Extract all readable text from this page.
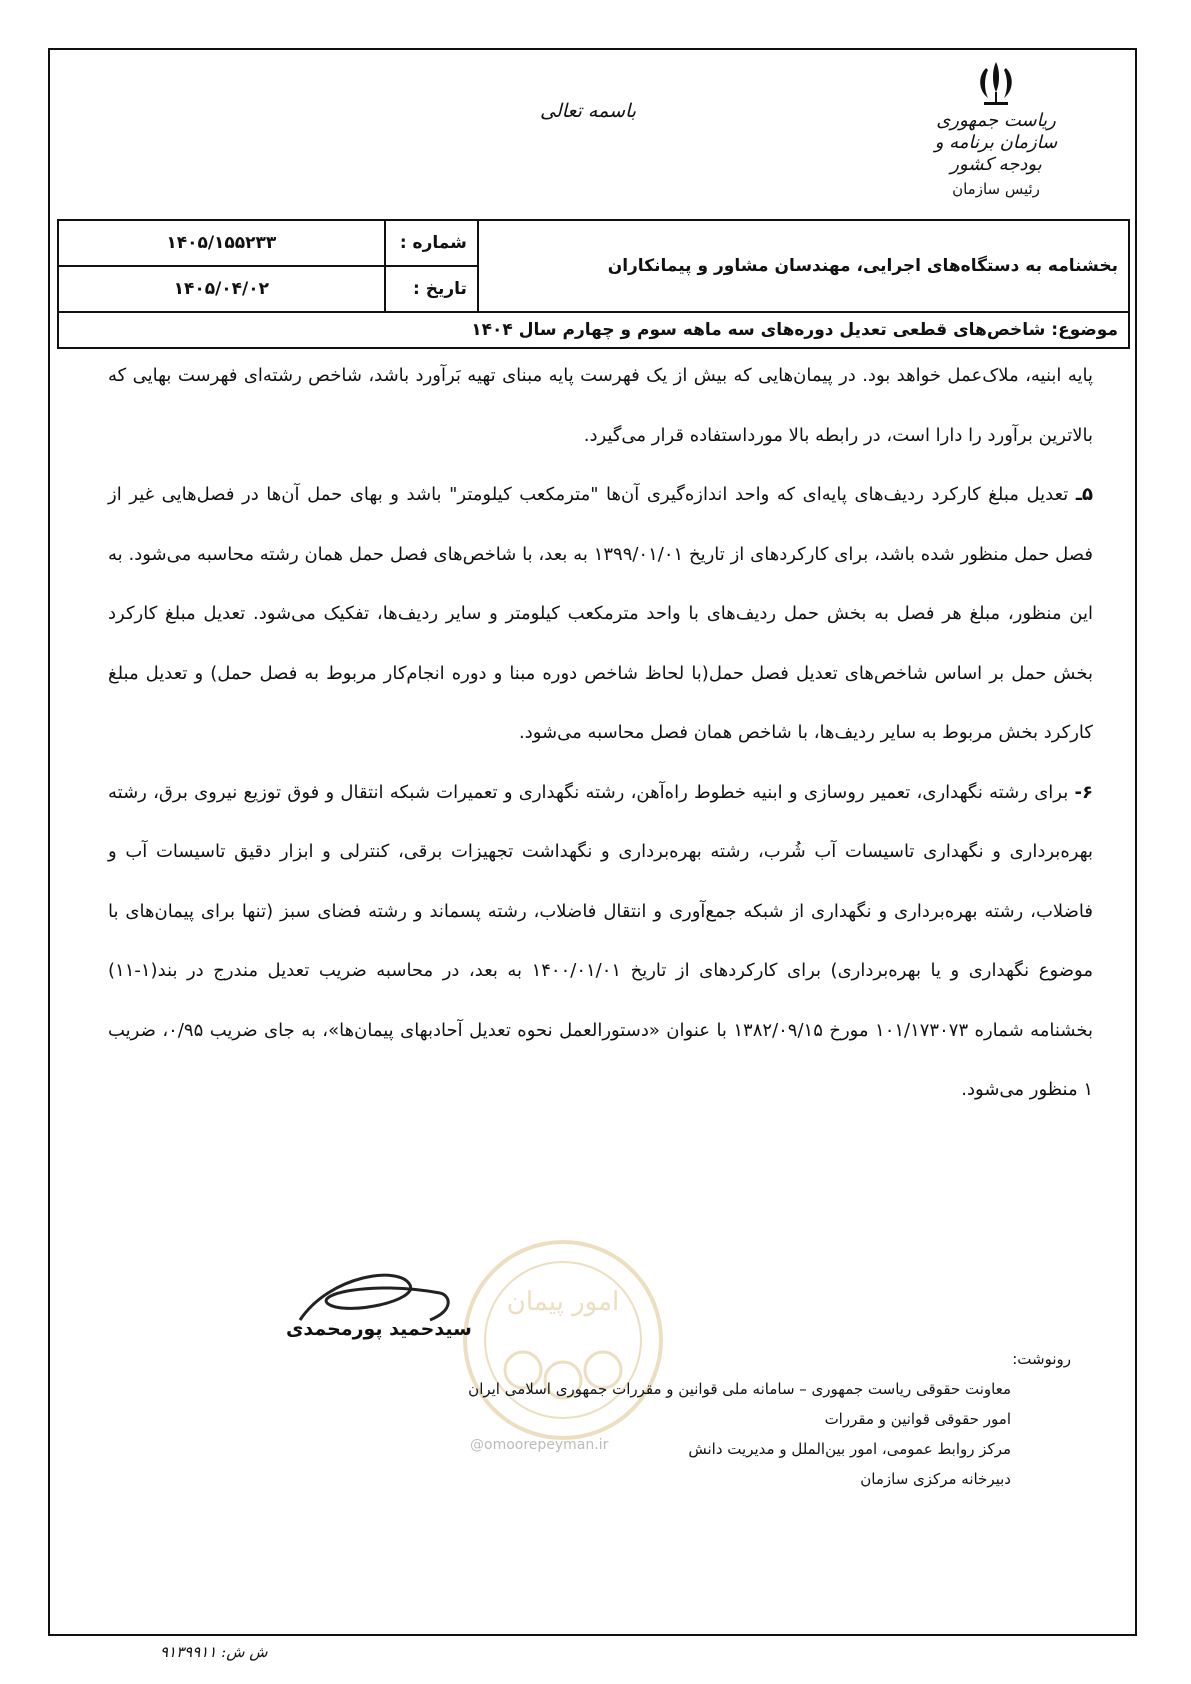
باسمه تعالی	ریاست جمهوری
سازمان برنامه و بودجه کشور
رئیس سازمان
بخشنامه به دستگاه‌های اجرایی، مهندسان مشاور و پیمانکاران	شماره :	۱۴۰۵/۱۵۵۲۳۳
	تاریخ :	۱۴۰۵/۰۴/۰۲
موضوع: شاخص‌های قطعی تعدیل دوره‌های سه ماهه سوم و چهارم سال ۱۴۰۴		

پایه ابنیه، ملاک‌عمل خواهد بود. در پیمان‌هایی که بیش از یک فهرست پایه مبنای تهیه بَرآورد باشد، شاخص رشته‌ای فهرست بهایی که بالاترین برآورد را دارا است، در رابطه بالا مورداستفاده قرار می‌گیرد.

۵ـ تعدیل مبلغ کارکرد ردیف‌های پایه‌ای که واحد اندازه‌گیری آن‌ها "مترمکعب کیلومتر" باشد و بهای حمل آن‌ها در فصل‌هایی غیر از فصل حمل منظور شده باشد، برای کارکردهای از تاریخ ۱۳۹۹/۰۱/۰۱ به بعد، با شاخص‌های فصل حمل همان رشته محاسبه می‌شود. به این منظور، مبلغ هر فصل به بخش حمل ردیف‌های با واحد مترمکعب کیلومتر و سایر ردیف‌ها، تفکیک می‌شود. تعدیل مبلغ کارکرد بخش حمل بر اساس شاخص‌های تعدیل فصل حمل(با لحاظ شاخص دوره مبنا و دوره انجام‌کار مربوط به فصل حمل) و تعدیل مبلغ کارکرد بخش مربوط به سایر ردیف‌ها، با شاخص همان فصل محاسبه می‌شود.

۶- برای رشته نگهداری، تعمیر روسازی و ابنیه خطوط راه‌آهن، رشته نگهداری و تعمیرات شبکه انتقال و فوق توزیع نیروی برق، رشته بهره‌برداری و نگهداری تاسیسات آب شُرب، رشته بهره‌برداری و نگهداشت تجهیزات برقی، کنترلی و ابزار دقیق تاسیسات آب و فاضلاب، رشته بهره‌برداری و نگهداری از شبکه جمع‌آوری و انتقال فاضلاب، رشته پسماند و رشته فضای سبز (تنها برای پیمان‌های با موضوع نگهداری و یا بهره‌برداری) برای کارکردهای از تاریخ ۱۴۰۰/۰۱/۰۱ به بعد، در محاسبه ضریب تعدیل مندرج در بند(۱-۱۱) بخشنامه شماره ۱۰۱/۱۷۳۰۷۳ مورخ ۱۳۸۲/۰۹/۱۵ با عنوان «دستورالعمل نحوه تعدیل آحادبهای پیمان‌ها»، به جای ضریب ۰/۹۵، ضریب ۱ منظور می‌شود.

امور پیمان
@omoorepeyman.ir
سیدحمید پورمحمدی
رونوشت:
معاونت حقوقی ریاست جمهوری – سامانه ملی قوانین و مقررات جمهوری اسلامی ایران
امور حقوقی قوانین و مقررات
مرکز روابط عمومی، امور بین‌الملل و مدیریت دانش
دبیرخانه مرکزی سازمان
ش ش: ۹۱۳۹۹۱۱
